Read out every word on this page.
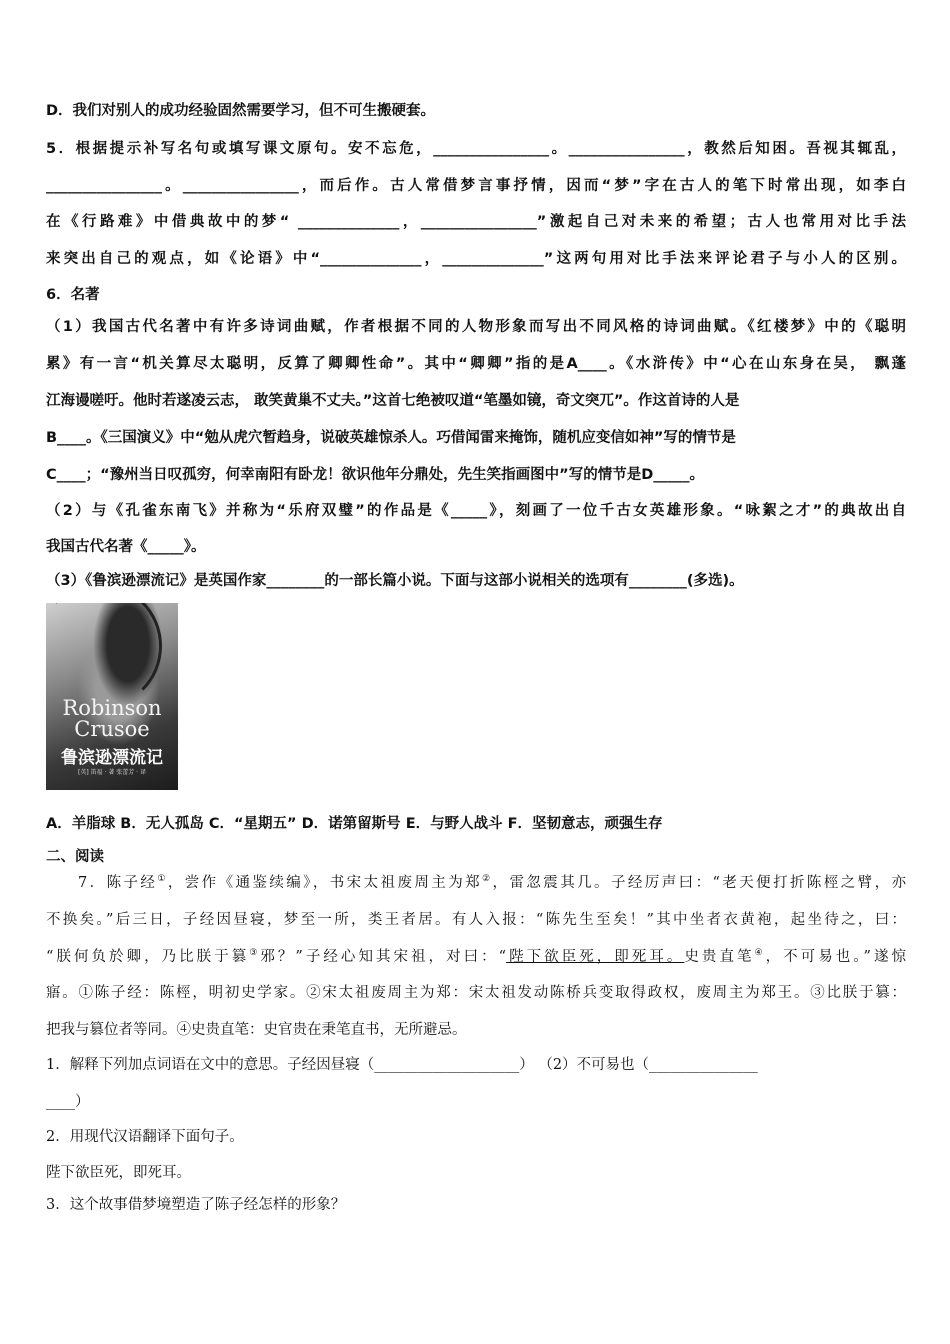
D．我们对别人的成功经验固然需要学习，但不可生搬硬套。
5．根据提示补写名句或填写课文原句。安不忘危，________________。________________，教然后知困。吾视其辄乱，
________________。________________，而后作。古人常借梦言事抒情，因而“梦”字在古人的笔下时常出现，如李白
在《行路难》中借典故中的梦“ ______________，________________”激起自己对未来的希望；古人也常用对比手法
来突出自己的观点，如《论语》中“______________，______________”这两句用对比手法来评论君子与小人的区别。
6．名著
（1）我国古代名著中有许多诗词曲赋，作者根据不同的人物形象而写出不同风格的诗词曲赋。《红楼梦》中的《聪明
累》有一言“机关算尽太聪明，反算了卿卿性命”。其中“卿卿”指的是A____。《水浒传》中“心在山东身在吴， 飘蓬
江海谩嗟吁。他时若遂凌云志， 敢笑黄巢不丈夫。”这首七绝被叹道“笔墨如镜，奇文突兀”。作这首诗的人是
B____。《三国演义》中“勉从虎穴暂趋身，说破英雄惊杀人。巧借闻雷来掩饰，随机应变信如神”写的情节是
C____；“豫州当日叹孤穷，何幸南阳有卧龙！欲识他年分鼎处，先生笑指画图中”写的情节是D_____。
（2）与《孔雀东南飞》并称为“乐府双璧”的作品是《_____》，刻画了一位千古女英雄形象。“咏絮之才”的典故出自
我国古代名著《_____》。
（3）《鲁滨逊漂流记》是英国作家________的一部长篇小说。下面与这部小说相关的选项有________(多选)。
A．羊脂球 B．无人孤岛 C．“星期五” D．诺第留斯号 E．与野人战斗 F．坚韧意志，顽强生存
二、阅读
7．陈子经①，尝作《通鉴续编》，书宋太祖废周主为郑②，雷忽震其几。子经厉声曰：“老天便打折陈桱之臂，亦
不换矣。”后三日，子经因昼寝，梦至一所，类王者居。有人入报：“陈先生至矣！”其中坐者衣黄袍，起坐待之，曰：
“朕何负於卿，乃比朕于篡③邪？”子经心知其宋祖，对曰：“陛下欲臣死，即死耳。史贵直笔④，不可易也。”遂惊
寤。①陈子经：陈桱，明初史学家。②宋太祖废周主为郑：宋太祖发动陈桥兵变取得政权，废周主为郑王。③比朕于篡：
把我与篡位者等同。④史贵直笔：史官贵在秉笔直书，无所避忌。
1．解释下列加点词语在文中的意思。子经因昼寝（____________________） （2）不可易也（_______________
____）
2．用现代汉语翻译下面句子。
陛下欲臣死，即死耳。
3．这个故事借梦境塑造了陈子经怎样的形象？
Robinson Crusoe
鲁滨逊漂流记
[英] 笛福 · 著 张蕾芳 · 译
